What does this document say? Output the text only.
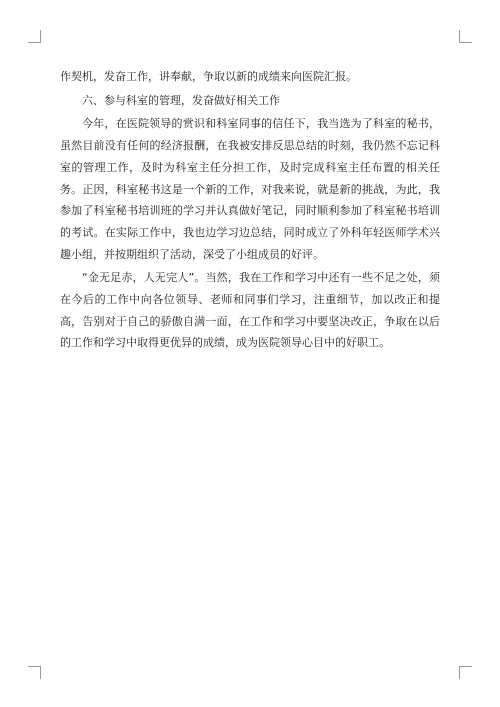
作契机，发奋工作，讲奉献，争取以新的成绩来向医院汇报。

六、参与科室的管理，发奋做好相关工作

今年，在医院领导的赏识和科室同事的信任下，我当选为了科室的秘书，虽然目前没有任何的经济报酬，在我被安排反思总结的时刻，我仍然不忘记科室的管理工作，及时为科室主任分担工作，及时完成科室主任布置的相关任务。正因，科室秘书这是一个新的工作，对我来说，就是新的挑战，为此，我参加了科室秘书培训班的学习并认真做好笔记，同时顺利参加了科室秘书培训的考试。在实际工作中，我也边学习边总结，同时成立了外科年轻医师学术兴趣小组，并按期组织了活动，深受了小组成员的好评。

“金无足赤，人无完人”。当然，我在工作和学习中还有一些不足之处，须在今后的工作中向各位领导、老师和同事们学习，注重细节，加以改正和提高，告别对于自己的骄傲自满一面，在工作和学习中要坚决改正，争取在以后的工作和学习中取得更优异的成绩，成为医院领导心目中的好职工。
